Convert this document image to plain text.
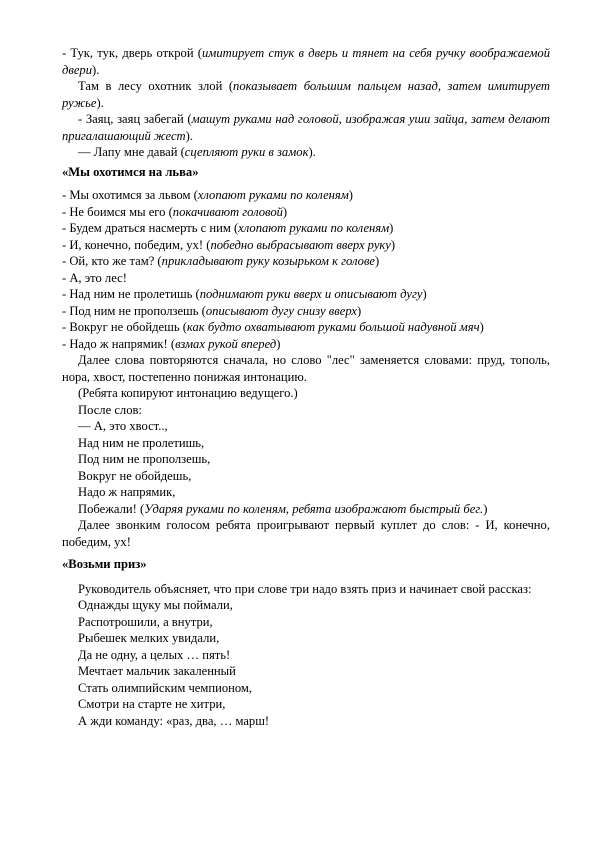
- Тук, тук, дверь открой (имитирует стук в дверь и тянет на себя ручку воображаемой двери).

Там в лесу охотник злой (показывает большим пальцем назад, затем имитирует ружье).

- Заяц, заяц забегай (машут руками над головой, изображая уши зайца, затем делают пригалашающий жест).

— Лапу мне давай (сцепляют руки в замок).

«Мы охотимся на льва»

- Мы охотимся за львом (хлопают руками по коленям)

- Не боимся мы его (покачивают головой)

- Будем драться насмерть с ним (хлопают руками по коленям)

- И, конечно, победим, ух! (победно выбрасывают вверх руку)

- Ой, кто же там? (прикладывают руку козырьком к голове)

- А, это лес!

- Над ним не пролетишь (поднимают руки вверх и описывают дугу)

- Под ним не проползешь (описывают дугу снизу вверх)

- Вокруг не обойдешь (как будто охватывают руками большой надувной мяч)

- Надо ж напрямик! (взмах рукой вперед)

Далее слова повторяются сначала, но слово "лес" заменяется словами: пруд, тополь, нора, хвост, постепенно понижая интонацию.

(Ребята копируют интонацию ведущего.)

После слов:

— А, это хвост..,

Над ним не пролетишь,

Под ним не проползешь,

Вокруг не обойдешь,

Надо ж напрямик,

Побежали! (Ударяя руками по коленям, ребята изображают быстрый бег.)

Далее звонким голосом ребята проигрывают первый куплет до слов: - И, конечно, победим, ух!

«Возьми приз»

Руководитель объясняет, что при слове три надо взять приз и начинает свой рассказ:

Однажды щуку мы поймали,

Распотрошили, а внутри,

Рыбешек мелких увидали,

Да не одну, а целых … пять!

Мечтает мальчик закаленный

Стать олимпийским чемпионом,

Смотри на старте не хитри,

А жди команду: «раз, два, … марш!
